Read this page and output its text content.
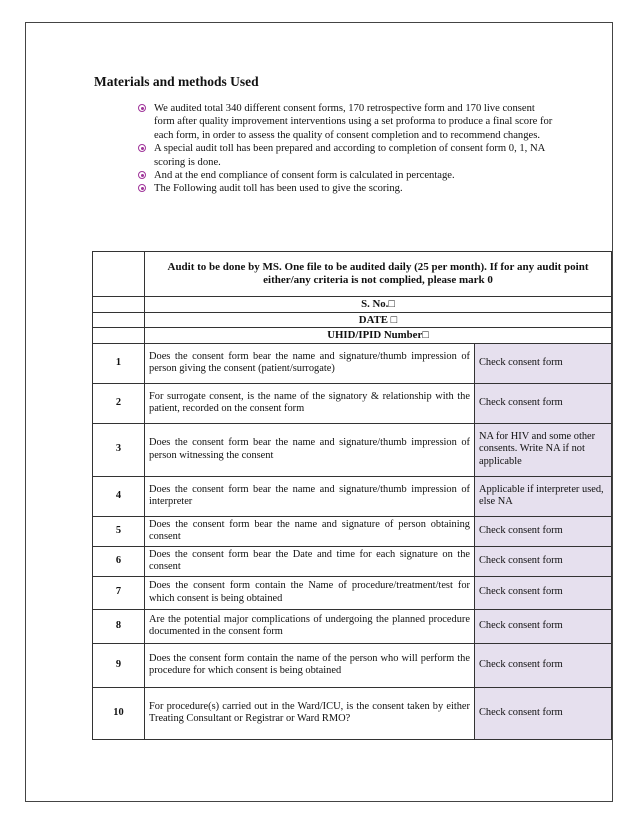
Materials and methods Used
We audited total 340 different consent forms, 170 retrospective form and 170 live consent form after quality improvement interventions using a set proforma to produce a final score for each form, in order to assess the quality of consent completion and to recommend changes.
A special audit toll has been prepared and according to completion of consent form 0, 1, NA scoring is done.
And at the end compliance of consent form is calculated in percentage.
The Following audit toll has been used to give the scoring.
	Audit to be done by MS. One file to be audited daily (25 per month). If for any audit point either/any criteria is not complied, please mark 0	
	S. No.□	
	DATE □	
	UHID/IPID Number□	
1	Does the consent form bear the name and signature/thumb impression of person giving the consent (patient/surrogate)	Check consent form
2	For surrogate consent, is the name of the signatory & relationship with the patient, recorded on the consent form	Check consent form
3	Does the consent form bear the name and signature/thumb impression of person witnessing the consent	NA for HIV and some other consents. Write NA if not applicable
4	Does the consent form bear the name and signature/thumb impression of interpreter	Applicable if interpreter used, else NA
5	Does the consent form bear the name and signature of person obtaining consent	Check consent form
6	Does the consent form bear the Date and time for each signature on the consent	Check consent form
7	Does the consent form contain the Name of procedure/treatment/test for which consent is being obtained	Check consent form
8	Are the potential major complications of undergoing the planned procedure documented in the consent form	Check consent form
9	Does the consent form contain the name of the person who will perform the procedure for which consent is being obtained	Check consent form
10	For procedure(s) carried out in the Ward/ICU, is the consent taken by either Treating Consultant or Registrar or Ward RMO?	Check consent form
